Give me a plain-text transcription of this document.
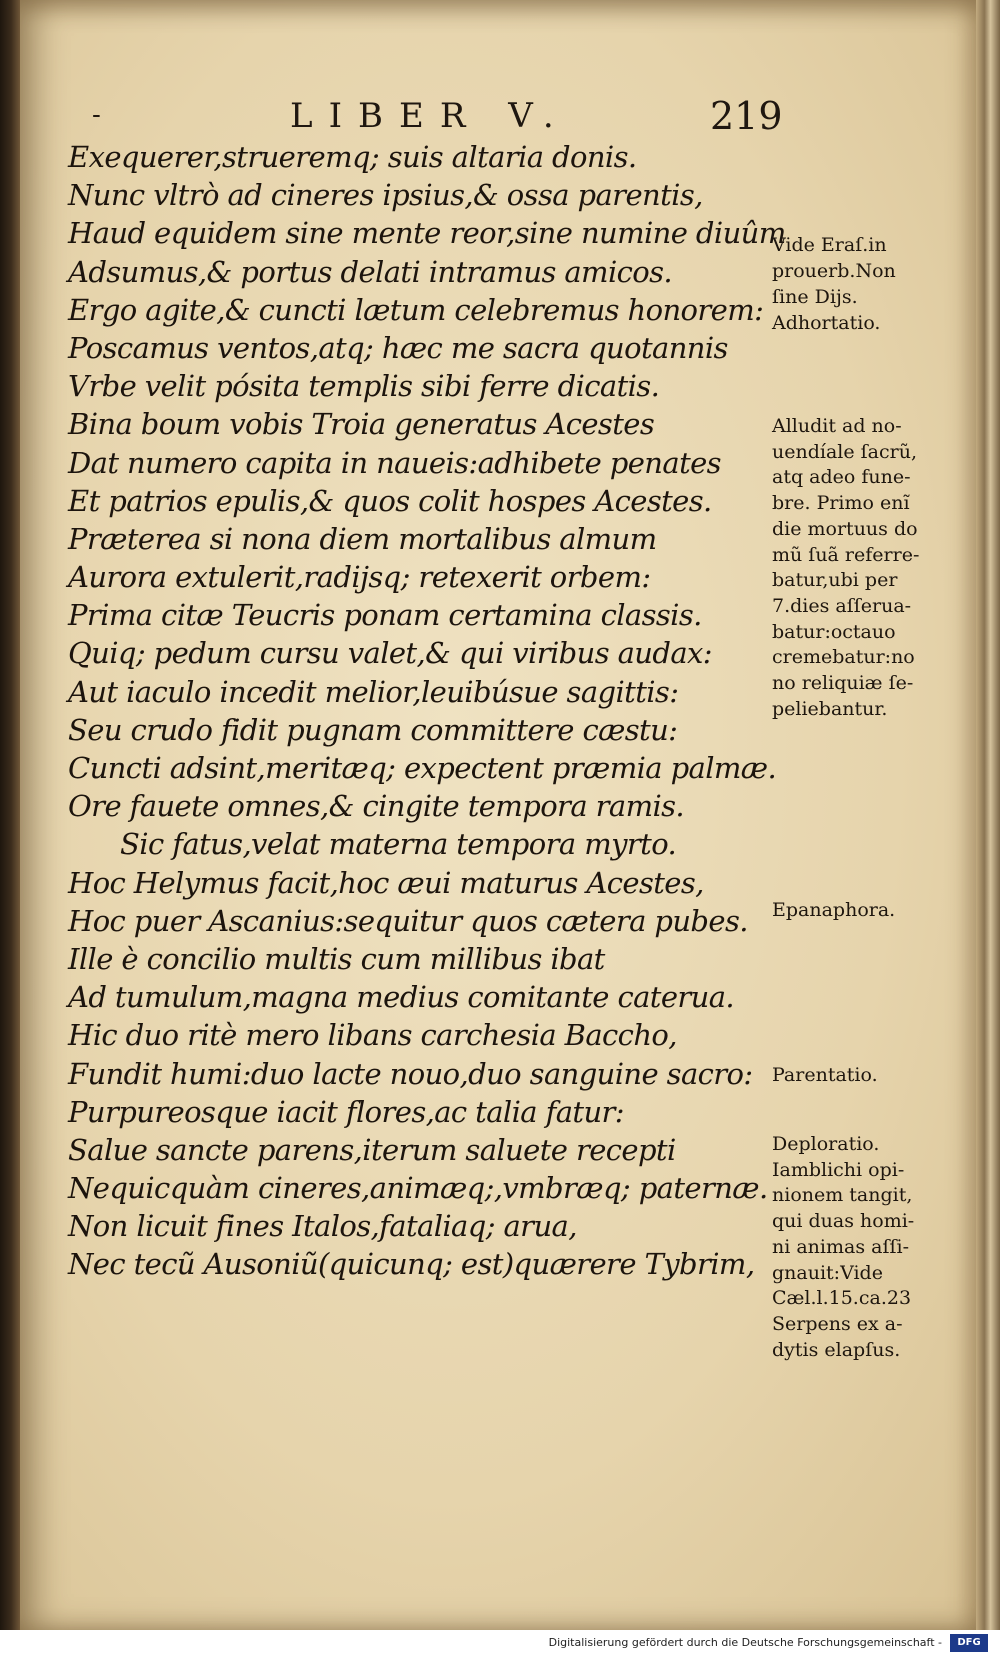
-	LIBER V.	219
Exequerer,strueremq; suis altaria donis.
Nunc vltrò ad cineres ipsius,& ossa parentis,
Haud equidem sine mente reor,sine numine diuûm
Adsumus,& portus delati intramus amicos.
Ergo agite,& cuncti lætum celebremus honorem:
Poscamus ventos,atq; hæc me sacra quotannis
Vrbe velit pósita templis sibi ferre dicatis.
Bina boum vobis Troia generatus Acestes
Dat numero capita in naueis:adhibete penates
Et patrios epulis,& quos colit hospes Acestes.
Præterea si nona diem mortalibus almum
Aurora extulerit,radijsq; retexerit orbem:
Prima citæ Teucris ponam certamina classis.
Quiq; pedum cursu valet,& qui viribus audax:
Aut iaculo incedit melior,leuibúsue sagittis:
Seu crudo fidit pugnam committere cæstu:
Cuncti adsint,meritæq; expectent præmia palmæ.
Ore fauete omnes,& cingite tempora ramis.
Sic fatus,velat materna tempora myrto.
Hoc Helymus facit,hoc æui maturus Acestes,
Hoc puer Ascanius:sequitur quos cætera pubes.
Ille è concilio multis cum millibus ibat
Ad tumulum,magna medius comitante caterua.
Hic duo ritè mero libans carchesia Baccho,
Fundit humi:duo lacte nouo,duo sanguine sacro:
Purpureosque iacit flores,ac talia fatur:
Salue sancte parens,iterum saluete recepti
Nequicquàm cineres,animæq;,vmbræq; paternæ.
Non licuit fines Italos,fataliaq; arua,
Nec tecũ Ausoniũ(quicunq; est)quærere Tybrim,
Vide Eraſ.in
prouerb.Non
ſine Dijs.
Adhortatio.
Alludit ad no-
uendíale ſacrũ,
atq adeo fune-
bre. Primo enĩ
die mortuus do
mũ ſuã referre-
batur,ubi per
7.dies aſſerua-
batur:octauo
cremebatur:no
no reliquiæ ſe-
peliebantur.
Epanaphora.
Parentatio.
Deploratio.
Iamblichi opi-
nionem tangit,
qui duas homi-
ni animas aſſi-
gnauit:Vide
Cæl.l.15.ca.23
Serpens ex a-
dytis elapſus.
Digitalisierung gefördert durch die Deutsche Forschungsgemeinschaft -	DFG
